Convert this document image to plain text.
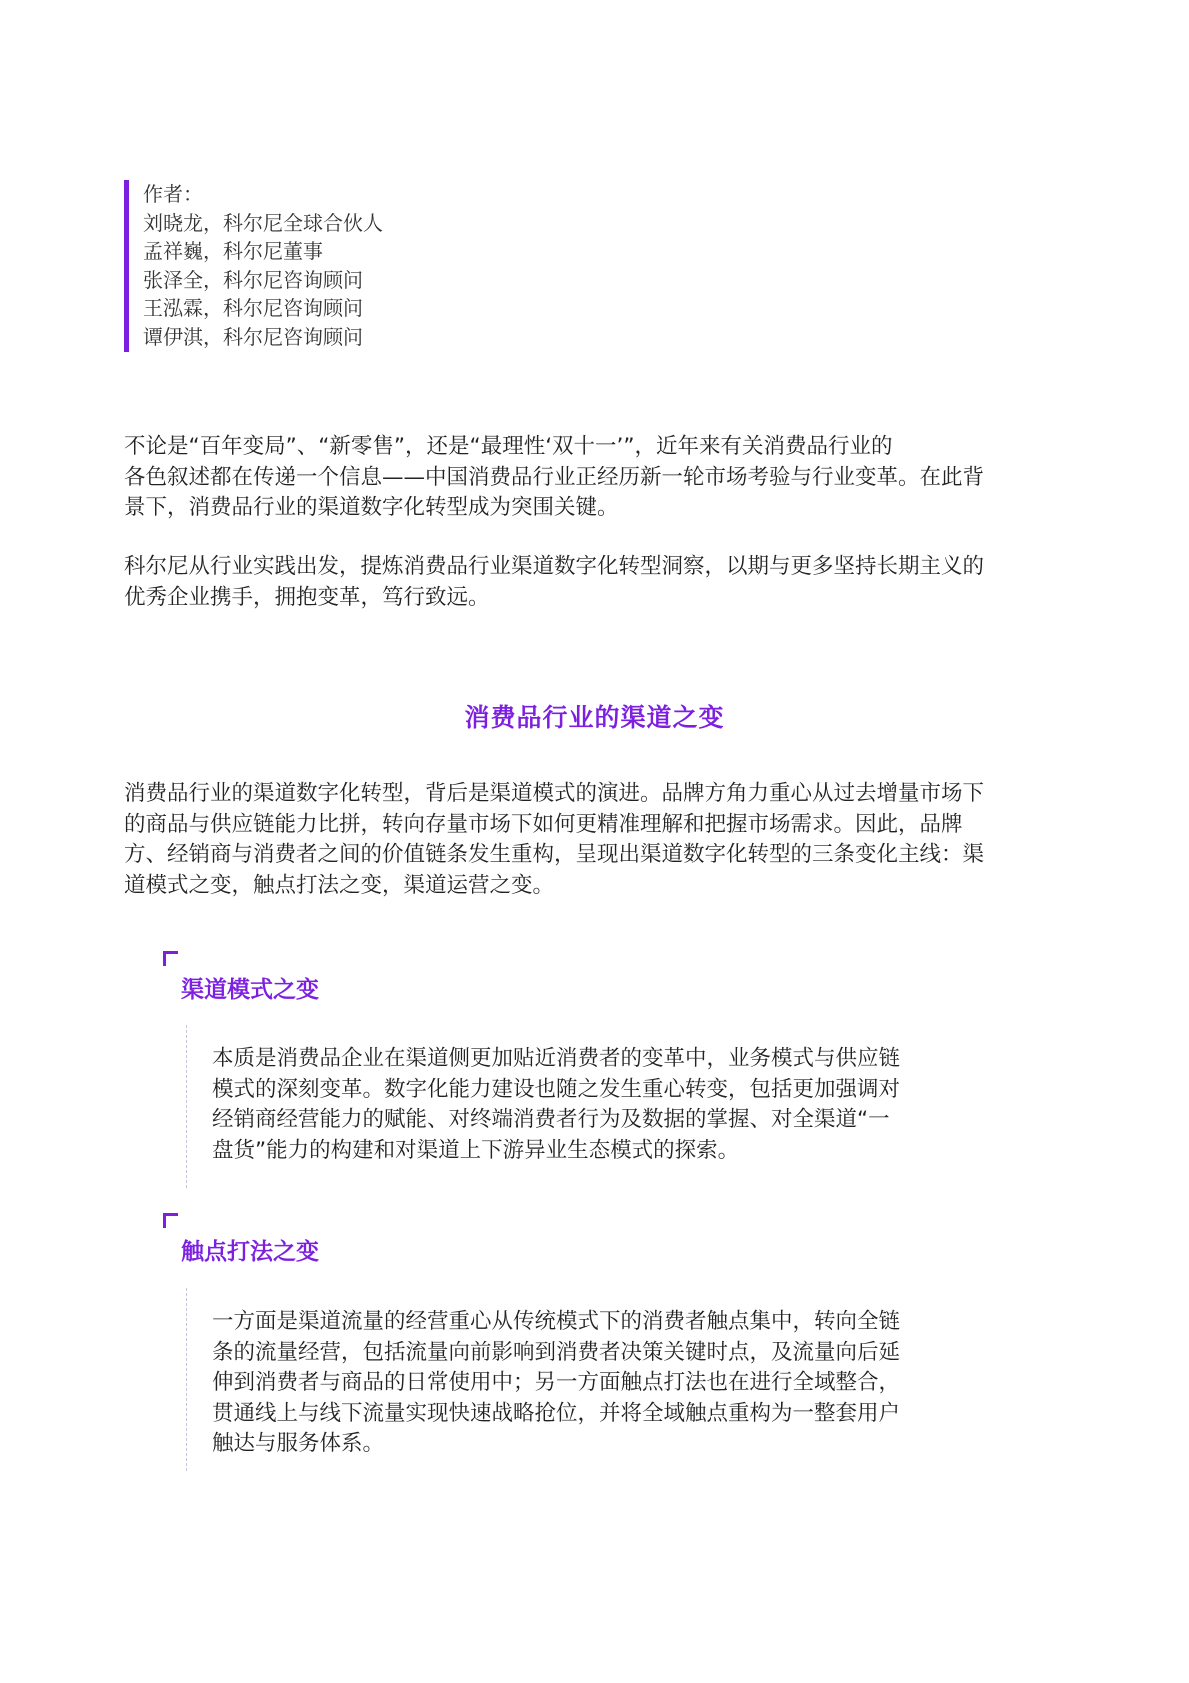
作者：
刘晓龙，科尔尼全球合伙人
孟祥巍，科尔尼董事
张泽全，科尔尼咨询顾问
王泓霖，科尔尼咨询顾问
谭伊淇，科尔尼咨询顾问

不论是“百年变局”、“新零售”，还是“最理性‘双十一’”，近年来有关消费品行业的
各色叙述都在传递一个信息——中国消费品行业正经历新一轮市场考验与行业变革。在此背
景下，消费品行业的渠道数字化转型成为突围关键。

科尔尼从行业实践出发，提炼消费品行业渠道数字化转型洞察，以期与更多坚持长期主义的
优秀企业携手，拥抱变革，笃行致远。

消费品行业的渠道之变

消费品行业的渠道数字化转型，背后是渠道模式的演进。品牌方角力重心从过去增量市场下
的商品与供应链能力比拼，转向存量市场下如何更精准理解和把握市场需求。因此，品牌
方、经销商与消费者之间的价值链条发生重构，呈现出渠道数字化转型的三条变化主线：渠
道模式之变，触点打法之变，渠道运营之变。

渠道模式之变
本质是消费品企业在渠道侧更加贴近消费者的变革中，业务模式与供应链
模式的深刻变革。数字化能力建设也随之发生重心转变，包括更加强调对
经销商经营能力的赋能、对终端消费者行为及数据的掌握、对全渠道“一
盘货”能力的构建和对渠道上下游异业生态模式的探索。
触点打法之变
一方面是渠道流量的经营重心从传统模式下的消费者触点集中，转向全链
条的流量经营，包括流量向前影响到消费者决策关键时点，及流量向后延
伸到消费者与商品的日常使用中；另一方面触点打法也在进行全域整合，
贯通线上与线下流量实现快速战略抢位，并将全域触点重构为一整套用户
触达与服务体系。
